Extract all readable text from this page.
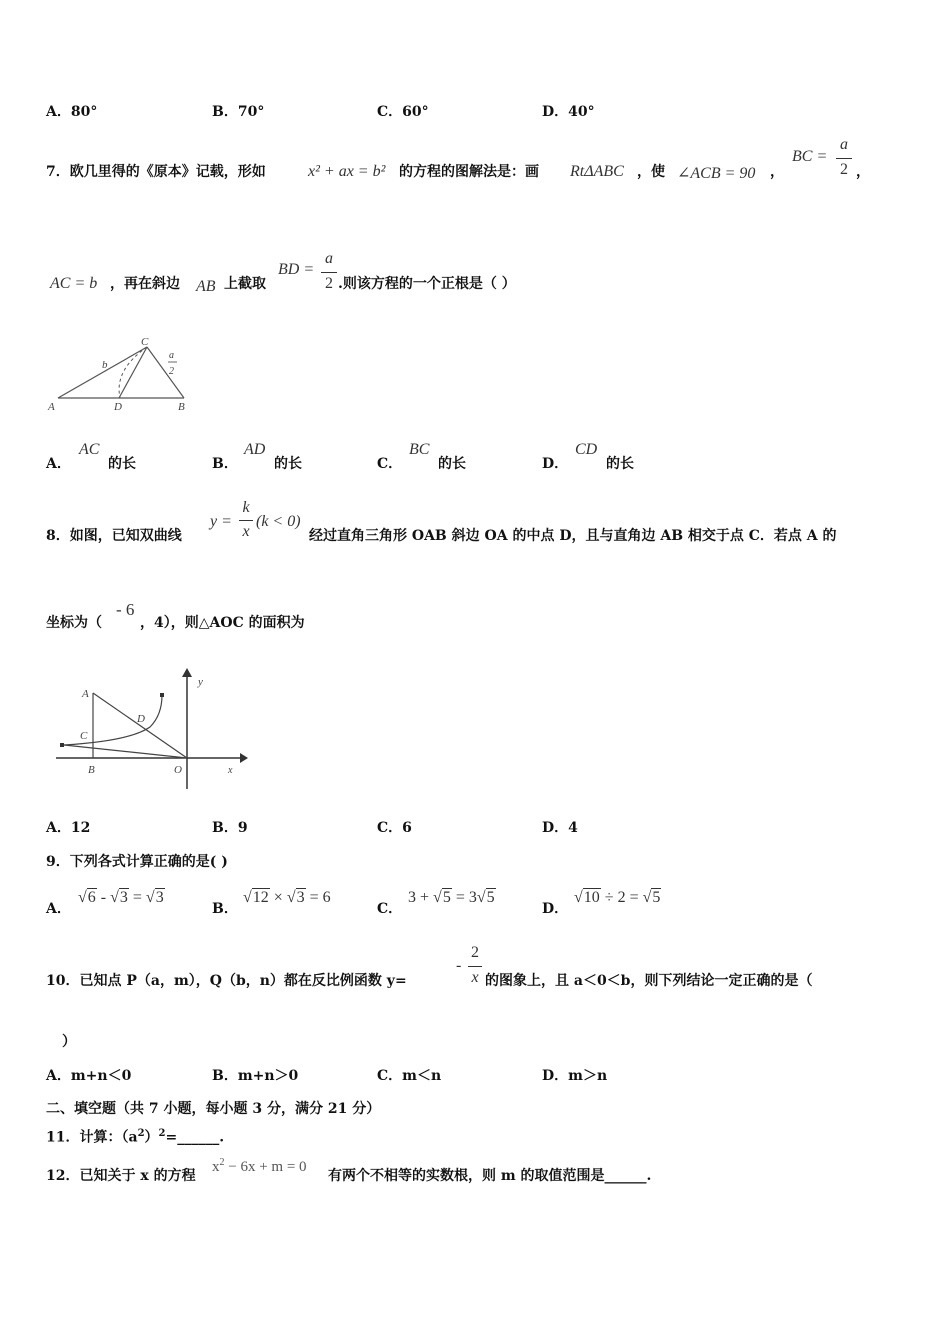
A．80°	B．70°	C．60°	D．40°
7．欧几里得的《原本》记载，形如	x² + ax = b² 的方程的图解法是：画 RtΔABC ，使 ∠ACB = 90 ，
BC =
a
2 ，
AC = b ，再在斜边 AB 上截取
BD =
a
2 .则该方程的一个正根是（ ）
A	D	B
C
b
a
2
A．
AC
的长	B．
AD
的长	C．
BC
的长	D．
CD
的长
8．如图，已知双曲线
y =
k
x
(k < 0)
经过直角三角形 OAB 斜边 OA 的中点 D，且与直角边 AB 相交于点 C．若点 A 的
坐标为（
- 6
，4），则△AOC 的面积为
A
C
D
B	O	x
y
A．12	B．9	C．6	D．4
9．下列各式计算正确的是( )
A．
√6 - √3 = √3
B．
√12 × √3 = 6
C．
3 + √5 = 3√5
D．
√10 ÷ 2 = √5
10．已知点 P（a，m），Q（b，n）都在反比例函数 y=
-
2
x 的图象上，且 a＜0＜b，则下列结论一定正确的是（
）
A．m+n＜0	B．m+n＞0	C．m＜n	D．m＞n
二、填空题（共 7 小题，每小题 3 分，满分 21 分）
11．计算：$(a^2)^2=\_\_\_\_\_\_$.
12．已知关于 x 的方程
$x^2 - 6x + m = 0$
有两个不相等的实数根，则 m 的取值范围是______.
